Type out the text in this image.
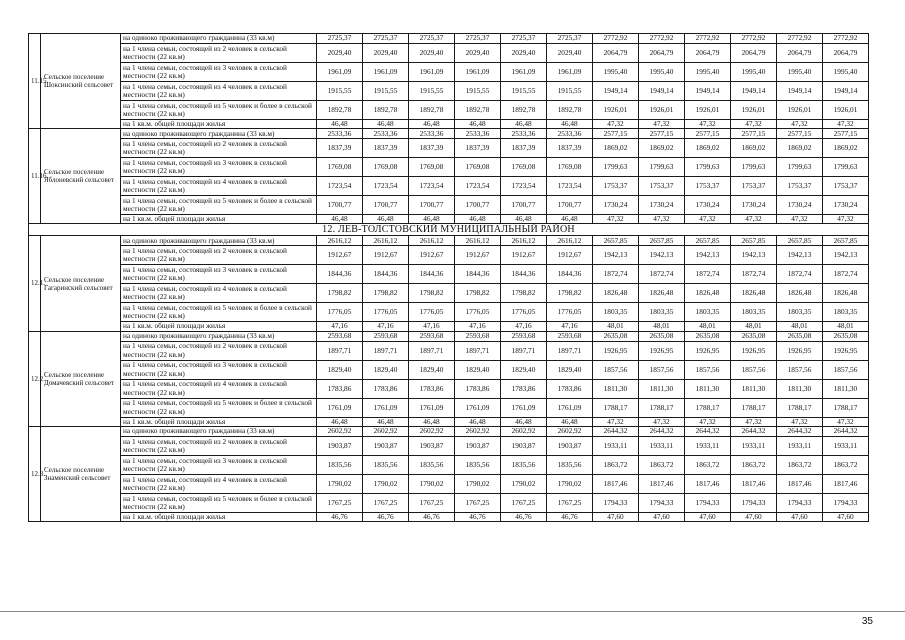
11.15.	Сельское поселение Шоксинский сельсовет	на одиноко проживающего гражданина (33 кв.м)	2725,37	2725,37	2725,37	2725,37	2725,37	2725,37	2772,92	2772,92	2772,92	2772,92	2772,92	2772,92
		на 1 члена семьи, состоящей из 2 человек в сельской местности (22 кв.м)	2029,40	2029,40	2029,40	2029,40	2029,40	2029,40	2064,79	2064,79	2064,79	2064,79	2064,79	2064,79
		на 1 члена семьи, состоящей из 3 человек в сельской местности (22 кв.м)	1961,09	1961,09	1961,09	1961,09	1961,09	1961,09	1995,40	1995,40	1995,40	1995,40	1995,40	1995,40
		на 1 члена семьи, состоящей из 4 человек в сельской местности (22 кв.м)	1915,55	1915,55	1915,55	1915,55	1915,55	1915,55	1949,14	1949,14	1949,14	1949,14	1949,14	1949,14
		на 1 члена семьи, состоящей из 5 человек и более в сельской местности (22 кв.м)	1892,78	1892,78	1892,78	1892,78	1892,78	1892,78	1926,01	1926,01	1926,01	1926,01	1926,01	1926,01
		на 1 кв.м. общей площади жилья	46,48	46,48	46,48	46,48	46,48	46,48	47,32	47,32	47,32	47,32	47,32	47,32
11.16.	Сельское поселение Яблоневский сельсовет	на одиноко проживающего гражданина (33 кв.м)	2533,36	2533,36	2533,36	2533,36	2533,36	2533,36	2577,15	2577,15	2577,15	2577,15	2577,15	2577,15
		на 1 члена семьи, состоящей из 2 человек в сельской местности (22 кв.м)	1837,39	1837,39	1837,39	1837,39	1837,39	1837,39	1869,02	1869,02	1869,02	1869,02	1869,02	1869,02
		на 1 члена семьи, состоящей из 3 человек в сельской местности (22 кв.м)	1769,08	1769,08	1769,08	1769,08	1769,08	1769,08	1799,63	1799,63	1799,63	1799,63	1799,63	1799,63
		на 1 члена семьи, состоящей из 4 человек в сельской местности (22 кв.м)	1723,54	1723,54	1723,54	1723,54	1723,54	1723,54	1753,37	1753,37	1753,37	1753,37	1753,37	1753,37
		на 1 члена семьи, состоящей из 5 человек и более в сельской местности (22 кв.м)	1700,77	1700,77	1700,77	1700,77	1700,77	1700,77	1730,24	1730,24	1730,24	1730,24	1730,24	1730,24
		на 1 кв.м. общей площади жилья	46,48	46,48	46,48	46,48	46,48	46,48	47,32	47,32	47,32	47,32	47,32	47,32
12. ЛЕВ-ТОЛСТОВСКИЙ МУНИЦИПАЛЬНЫЙ РАЙОН														
12.1.	Сельское поселение Гагаринский сельсовет	на одиноко проживающего гражданина (33 кв.м)	2616,12	2616,12	2616,12	2616,12	2616,12	2616,12	2657,85	2657,85	2657,85	2657,85	2657,85	2657,85
		на 1 члена семьи, состоящей из 2 человек в сельской местности (22 кв.м)	1912,67	1912,67	1912,67	1912,67	1912,67	1912,67	1942,13	1942,13	1942,13	1942,13	1942,13	1942,13
		на 1 члена семьи, состоящей из 3 человек в сельской местности (22 кв.м)	1844,36	1844,36	1844,36	1844,36	1844,36	1844,36	1872,74	1872,74	1872,74	1872,74	1872,74	1872,74
		на 1 члена семьи, состоящей из 4 человек в сельской местности (22 кв.м)	1798,82	1798,82	1798,82	1798,82	1798,82	1798,82	1826,48	1826,48	1826,48	1826,48	1826,48	1826,48
		на 1 члена семьи, состоящей из 5 человек и более в сельской местности (22 кв.м)	1776,05	1776,05	1776,05	1776,05	1776,05	1776,05	1803,35	1803,35	1803,35	1803,35	1803,35	1803,35
		на 1 кв.м. общей площади жилья	47,16	47,16	47,16	47,16	47,16	47,16	48,01	48,01	48,01	48,01	48,01	48,01
12.2.	Сельское поселение Домачевский сельсовет	на одиноко проживающего гражданина (33 кв.м)	2593,68	2593,68	2593,68	2593,68	2593,68	2593,68	2635,08	2635,08	2635,08	2635,08	2635,08	2635,08
		на 1 члена семьи, состоящей из 2 человек в сельской местности (22 кв.м)	1897,71	1897,71	1897,71	1897,71	1897,71	1897,71	1926,95	1926,95	1926,95	1926,95	1926,95	1926,95
		на 1 члена семьи, состоящей из 3 человек в сельской местности (22 кв.м)	1829,40	1829,40	1829,40	1829,40	1829,40	1829,40	1857,56	1857,56	1857,56	1857,56	1857,56	1857,56
		на 1 члена семьи, состоящей из 4 человек в сельской местности (22 кв.м)	1783,86	1783,86	1783,86	1783,86	1783,86	1783,86	1811,30	1811,30	1811,30	1811,30	1811,30	1811,30
		на 1 члена семьи, состоящей из 5 человек и более в сельской местности (22 кв.м)	1761,09	1761,09	1761,09	1761,09	1761,09	1761,09	1788,17	1788,17	1788,17	1788,17	1788,17	1788,17
		на 1 кв.м. общей площади жилья	46,48	46,48	46,48	46,48	46,48	46,48	47,32	47,32	47,32	47,32	47,32	47,32
12.3.	Сельское поселение Знаменский сельсовет	на одиноко проживающего гражданина (33 кв.м)	2602,92	2602,92	2602,92	2602,92	2602,92	2602,92	2644,32	2644,32	2644,32	2644,32	2644,32	2644,32
		на 1 члена семьи, состоящей из 2 человек в сельской местности (22 кв.м)	1903,87	1903,87	1903,87	1903,87	1903,87	1903,87	1933,11	1933,11	1933,11	1933,11	1933,11	1933,11
		на 1 члена семьи, состоящей из 3 человек в сельской местности (22 кв.м)	1835,56	1835,56	1835,56	1835,56	1835,56	1835,56	1863,72	1863,72	1863,72	1863,72	1863,72	1863,72
		на 1 члена семьи, состоящей из 4 человек в сельской местности (22 кв.м)	1790,02	1790,02	1790,02	1790,02	1790,02	1790,02	1817,46	1817,46	1817,46	1817,46	1817,46	1817,46
		на 1 члена семьи, состоящей из 5 человек и более в сельской местности (22 кв.м)	1767,25	1767,25	1767,25	1767,25	1767,25	1767,25	1794,33	1794,33	1794,33	1794,33	1794,33	1794,33
		на 1 кв.м. общей площади жилья	46,76	46,76	46,76	46,76	46,76	46,76	47,60	47,60	47,60	47,60	47,60	47,60
35
